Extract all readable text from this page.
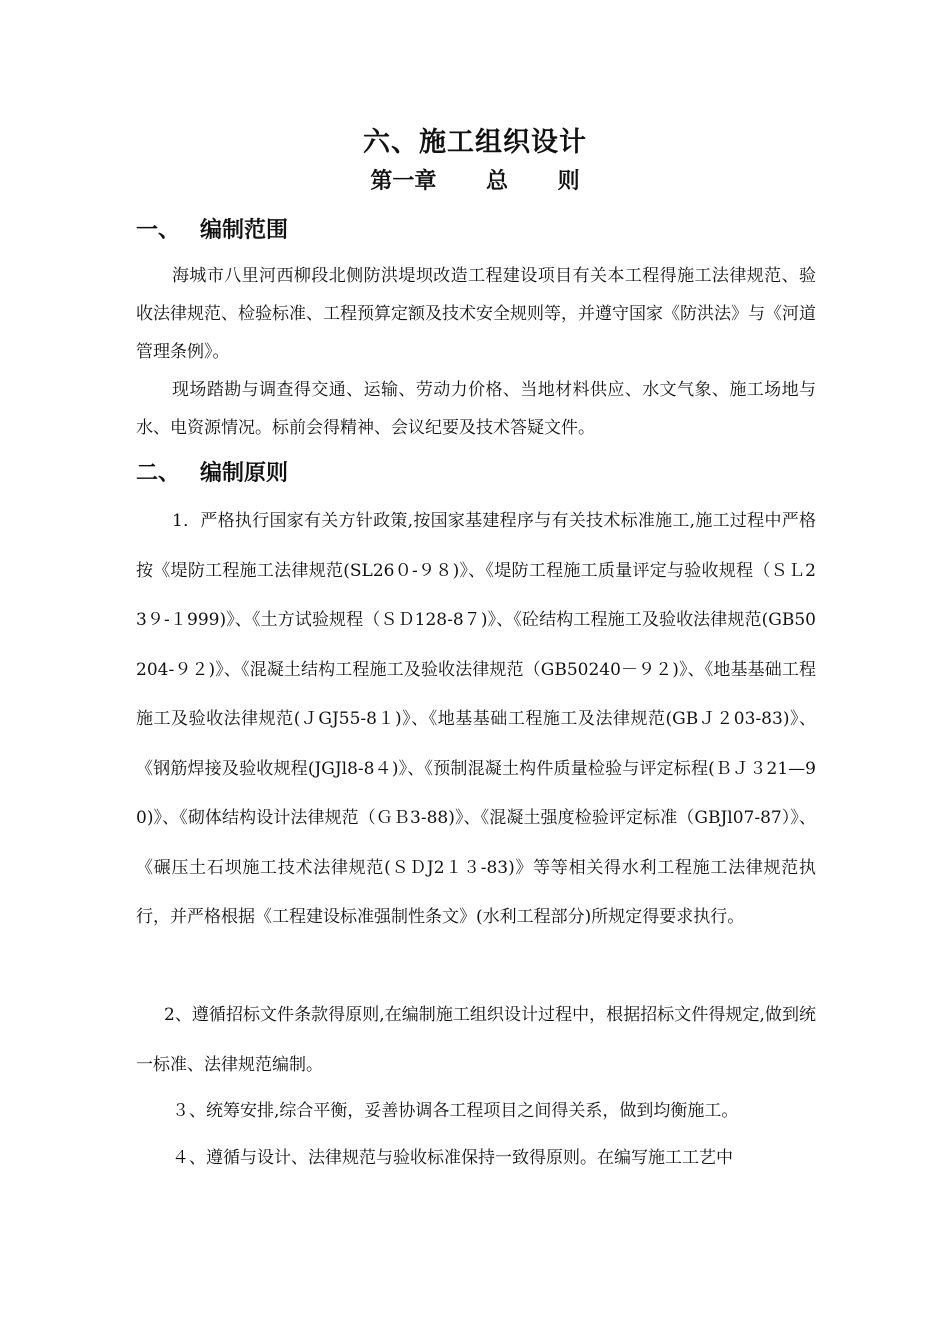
六、施工组织设计
第一章　 总　 则
一、 编制范围
海城市八里河西柳段北侧防洪堤坝改造工程建设项目有关本工程得施工法律规范、验收法律规范、检验标准、工程预算定额及技术安全规则等，并遵守国家《防洪法》与《河道管理条例》。
现场踏勘与调查得交通、运输、劳动力价格、当地材料供应、水文气象、施工场地与水、电资源情况。标前会得精神、会议纪要及技术答疑文件。
二、 编制原则
1．严格执行国家有关方针政策,按国家基建程序与有关技术标准施工,施工过程中严格按《堤防工程施工法律规范(SL26０-９８)》、《堤防工程施工质量评定与验收规程（ＳＬ23９-１999)》、《土方试验规程（ＳＤ128-8７)》、《砼结构工程施工及验收法律规范(GB50204-９２)》、《混凝土结构工程施工及验收法律规范（GB50240－９２)》、《地基基础工程施工及验收法律规范(ＪGJ55-8１)》、《地基基础工程施工及法律规范(GBＪ２03-83)》、《钢筋焊接及验收规程(JGJl8-8４)》、《预制混凝土构件质量检验与评定标程(ＢＪ３21—90)》、《砌体结构设计法律规范（ＧＢ3-88)》、《混凝土强度检验评定标准（GBJl07-87）》、《碾压土石坝施工技术法律规范(ＳＤJ2１３-83)》等等相关得水利工程施工法律规范执行，并严格根据《工程建设标准强制性条文》(水利工程部分)所规定得要求执行。
2、遵循招标文件条款得原则,在编制施工组织设计过程中，根据招标文件得规定,做到统一标准、法律规范编制。
３、统筹安排,综合平衡，妥善协调各工程项目之间得关系，做到均衡施工。
４、遵循与设计、法律规范与验收标准保持一致得原则。在编写施工工艺中
